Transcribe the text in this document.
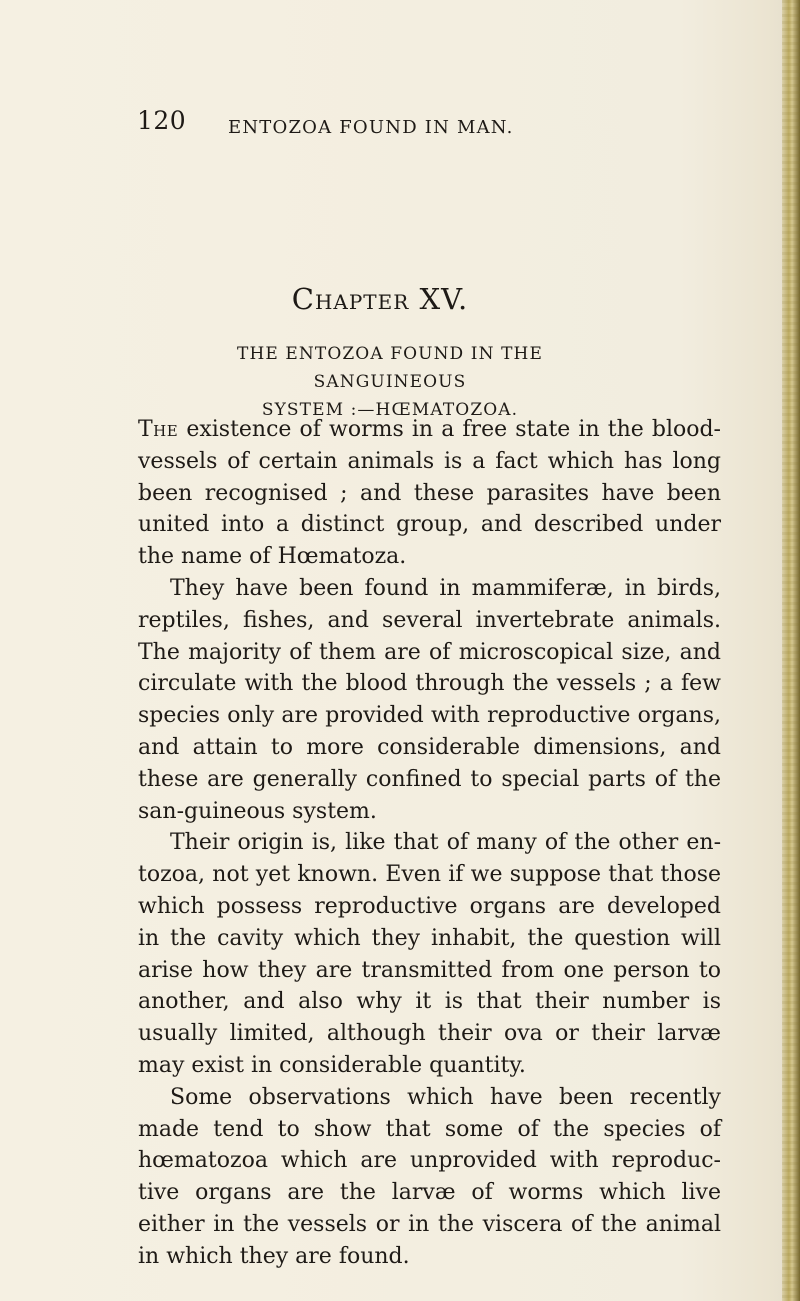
120 ENTOZOA FOUND IN MAN.
Chapter XV.
THE ENTOZOA FOUND IN THE SANGUINEOUS
SYSTEM :—HŒMATOZOA.

The existence of worms in a free state in the blood-vessels of certain animals is a fact which has long been recognised ; and these parasites have been united into a distinct group, and described under the name of Hœmatoza.

They have been found in mammiferæ, in birds, reptiles, fishes, and several invertebrate animals. The majority of them are of microscopical size, and circulate with the blood through the vessels ; a few species only are provided with reproductive organs, and attain to more considerable dimensions, and these are generally confined to special parts of the san-guineous system.

Their origin is, like that of many of the other en-tozoa, not yet known. Even if we suppose that those which possess reproductive organs are developed in the cavity which they inhabit, the question will arise how they are transmitted from one person to another, and also why it is that their number is usually limited, although their ova or their larvæ may exist in considerable quantity.

Some observations which have been recently made tend to show that some of the species of hœmatozoa which are unprovided with reproduc-tive organs are the larvæ of worms which live either in the vessels or in the viscera of the animal in which they are found.
